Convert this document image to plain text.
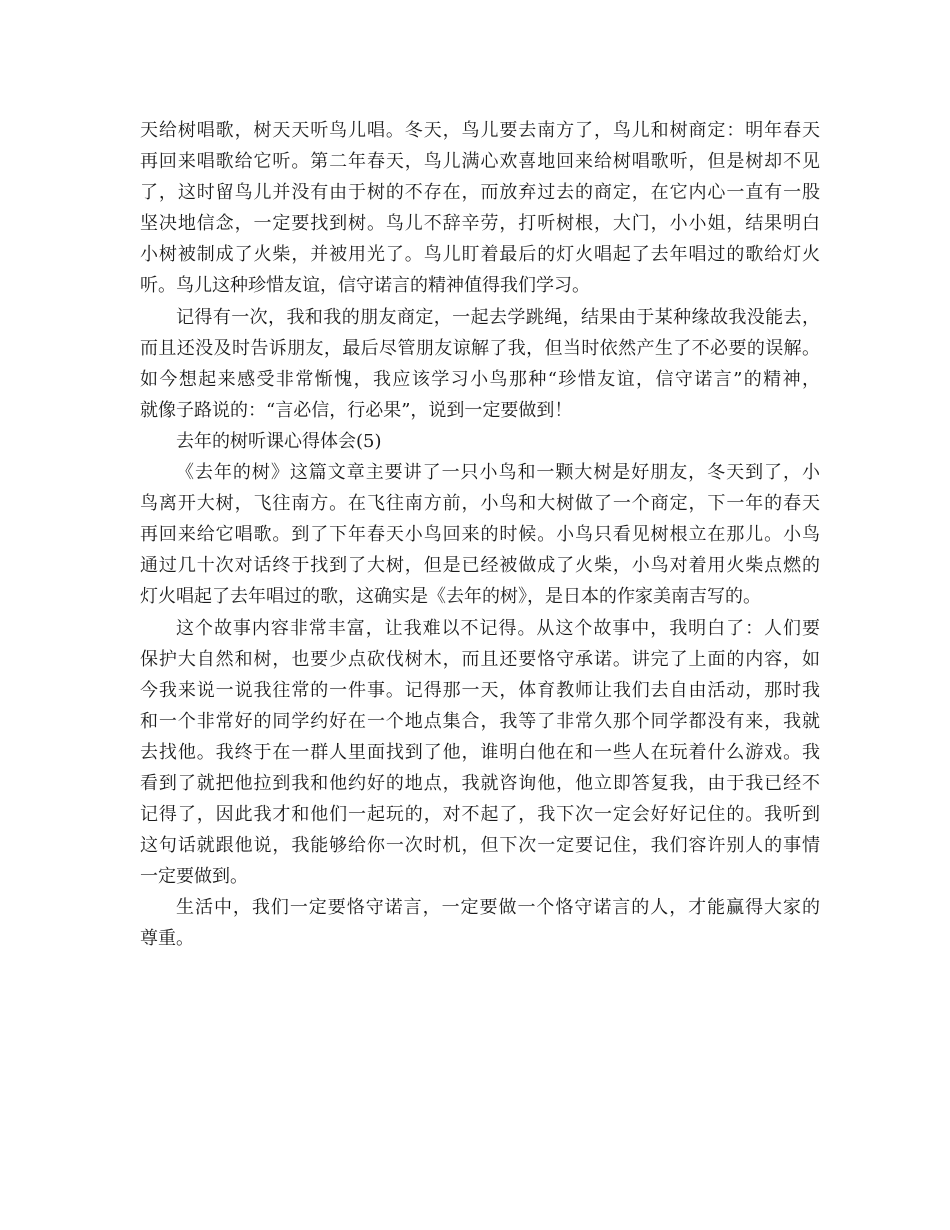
天给树唱歌，树天天听鸟儿唱。冬天，鸟儿要去南方了，鸟儿和树商定：明年春天
再回来唱歌给它听。第二年春天，鸟儿满心欢喜地回来给树唱歌听，但是树却不见
了，这时留鸟儿并没有由于树的不存在，而放弃过去的商定，在它内心一直有一股
坚决地信念，一定要找到树。鸟儿不辞辛劳，打听树根，大门，小小姐，结果明白
小树被制成了火柴，并被用光了。鸟儿盯着最后的灯火唱起了去年唱过的歌给灯火
听。鸟儿这种珍惜友谊，信守诺言的精神值得我们学习。
记得有一次，我和我的朋友商定，一起去学跳绳，结果由于某种缘故我没能去，
而且还没及时告诉朋友，最后尽管朋友谅解了我，但当时依然产生了不必要的误解。
如今想起来感受非常惭愧，我应该学习小鸟那种“珍惜友谊，信守诺言”的精神，
就像子路说的：“言必信，行必果”，说到一定要做到！
去年的树听课心得体会(5)
《去年的树》这篇文章主要讲了一只小鸟和一颗大树是好朋友，冬天到了，小
鸟离开大树，飞往南方。在飞往南方前，小鸟和大树做了一个商定，下一年的春天
再回来给它唱歌。到了下年春天小鸟回来的时候。小鸟只看见树根立在那儿。小鸟
通过几十次对话终于找到了大树，但是已经被做成了火柴，小鸟对着用火柴点燃的
灯火唱起了去年唱过的歌，这确实是《去年的树》，是日本的作家美南吉写的。
这个故事内容非常丰富，让我难以不记得。从这个故事中，我明白了：人们要
保护大自然和树，也要少点砍伐树木，而且还要恪守承诺。讲完了上面的内容，如
今我来说一说我往常的一件事。记得那一天，体育教师让我们去自由活动，那时我
和一个非常好的同学约好在一个地点集合，我等了非常久那个同学都没有来，我就
去找他。我终于在一群人里面找到了他，谁明白他在和一些人在玩着什么游戏。我
看到了就把他拉到我和他约好的地点，我就咨询他，他立即答复我，由于我已经不
记得了，因此我才和他们一起玩的，对不起了，我下次一定会好好记住的。我听到
这句话就跟他说，我能够给你一次时机，但下次一定要记住，我们容许别人的事情
一定要做到。
生活中，我们一定要恪守诺言，一定要做一个恪守诺言的人，才能赢得大家的
尊重。
